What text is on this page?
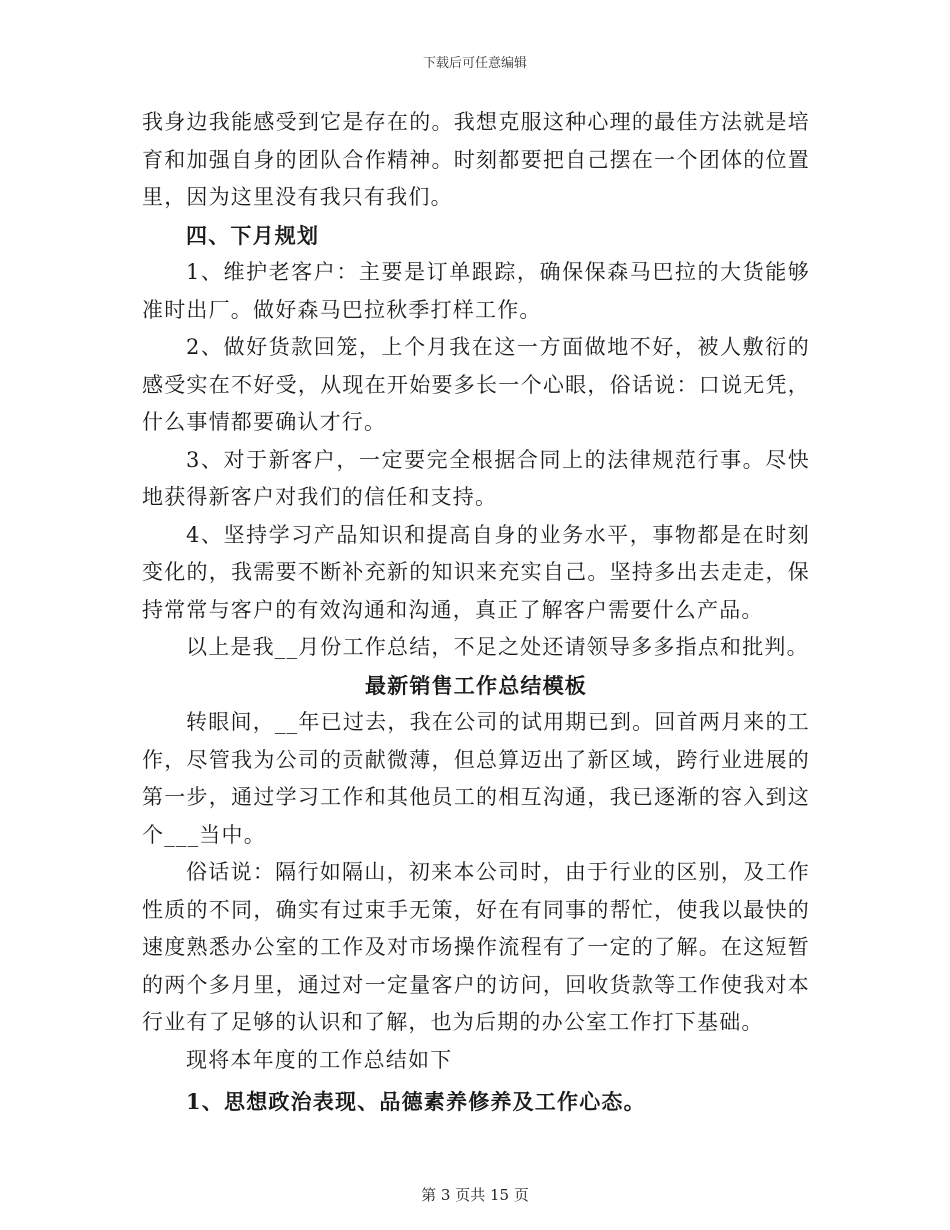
下载后可任意编辑

我身边我能感受到它是存在的。我想克服这种心理的最佳方法就是培育和加强自身的团队合作精神。时刻都要把自己摆在一个团体的位置里，因为这里没有我只有我们。

四、下月规划

1、维护老客户：主要是订单跟踪，确保保森马巴拉的大货能够准时出厂。做好森马巴拉秋季打样工作。

2、做好货款回笼，上个月我在这一方面做地不好，被人敷衍的感受实在不好受，从现在开始要多长一个心眼，俗话说：口说无凭，什么事情都要确认才行。

3、对于新客户，一定要完全根据合同上的法律规范行事。尽快地获得新客户对我们的信任和支持。

4、坚持学习产品知识和提高自身的业务水平，事物都是在时刻变化的，我需要不断补充新的知识来充实自己。坚持多出去走走，保持常常与客户的有效沟通和沟通，真正了解客户需要什么产品。

以上是我__月份工作总结，不足之处还请领导多多指点和批判。

最新销售工作总结模板

转眼间，__年已过去，我在公司的试用期已到。回首两月来的工作，尽管我为公司的贡献微薄，但总算迈出了新区域，跨行业进展的第一步，通过学习工作和其他员工的相互沟通，我已逐渐的容入到这个___当中。

俗话说：隔行如隔山，初来本公司时，由于行业的区别，及工作性质的不同，确实有过束手无策，好在有同事的帮忙，使我以最快的速度熟悉办公室的工作及对市场操作流程有了一定的了解。在这短暂的两个多月里，通过对一定量客户的访问，回收货款等工作使我对本行业有了足够的认识和了解，也为后期的办公室工作打下基础。

现将本年度的工作总结如下

1、思想政治表现、品德素养修养及工作心态。

第 3 页共 15 页
